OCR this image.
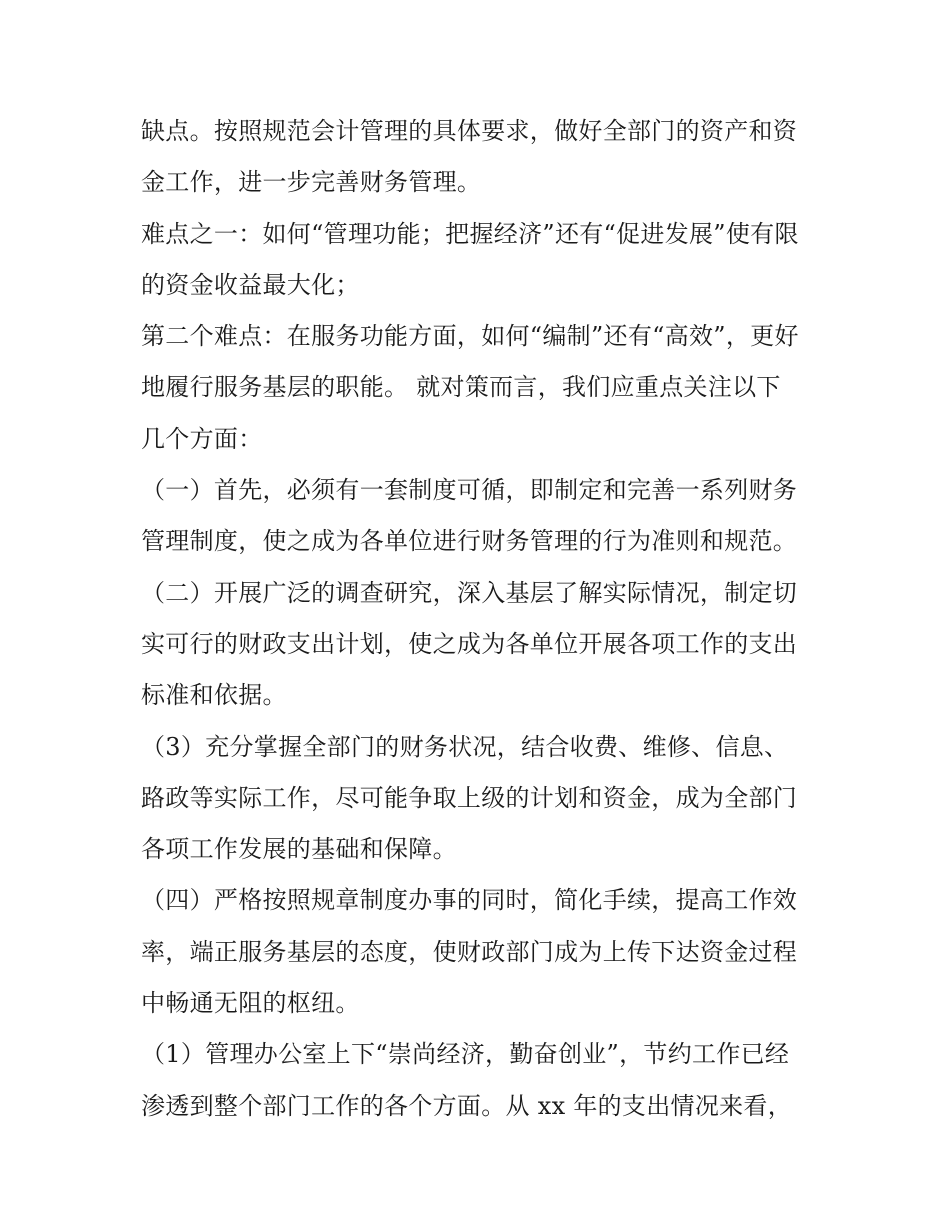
缺点。按照规范会计管理的具体要求，做好全部门的资产和资
金工作，进一步完善财务管理。
难点之一：如何“管理功能；把握经济”还有“促进发展”使有限
的资金收益最大化；
第二个难点：在服务功能方面，如何“编制”还有“高效”，更好
地履行服务基层的职能。 就对策而言，我们应重点关注以下
几个方面：
（一）首先，必须有一套制度可循，即制定和完善一系列财务
管理制度，使之成为各单位进行财务管理的行为准则和规范。
（二）开展广泛的调查研究，深入基层了解实际情况，制定切
实可行的财政支出计划，使之成为各单位开展各项工作的支出
标准和依据。
（3）充分掌握全部门的财务状况，结合收费、维修、信息、
路政等实际工作，尽可能争取上级的计划和资金，成为全部门
各项工作发展的基础和保障。
（四）严格按照规章制度办事的同时，简化手续，提高工作效
率，端正服务基层的态度，使财政部门成为上传下达资金过程
中畅通无阻的枢纽。
（1）管理办公室上下“崇尚经济，勤奋创业”，节约工作已经
渗透到整个部门工作的各个方面。从 xx 年的支出情况来看，
